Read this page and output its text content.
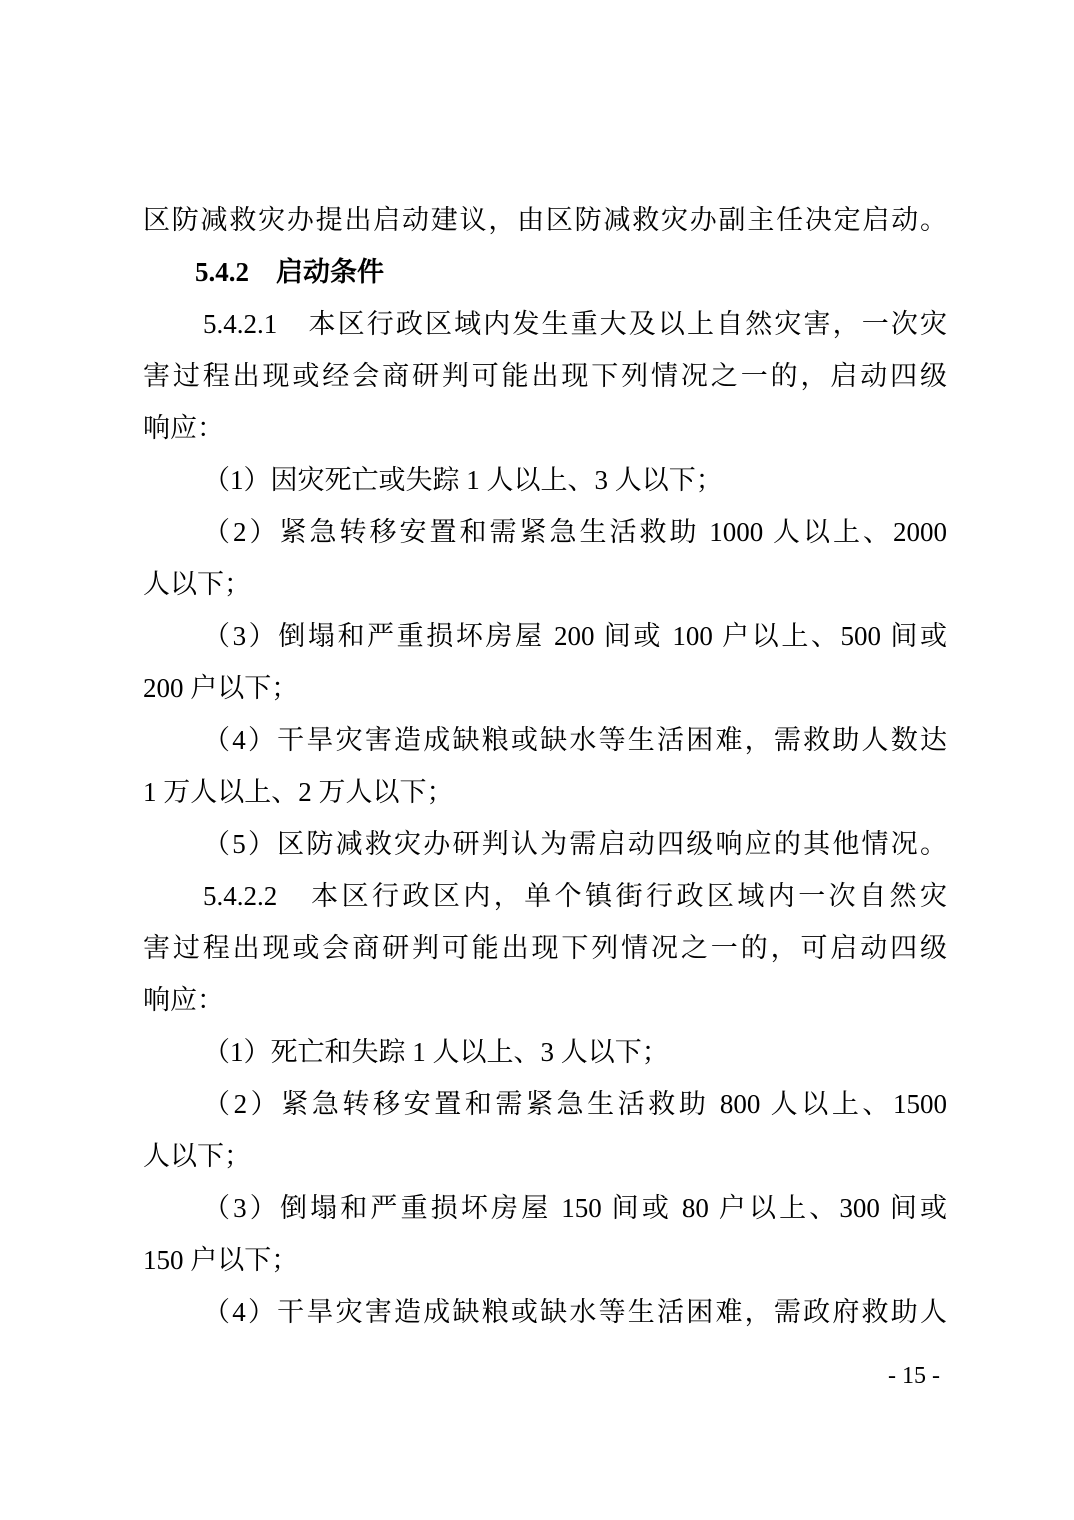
区防减救灾办提出启动建议，由区防减救灾办副主任决定启动。
5.4.2　启动条件
5.4.2.1　本区行政区域内发生重大及以上自然灾害，一次灾
害过程出现或经会商研判可能出现下列情况之一的，启动四级
响应：
（1）因灾死亡或失踪 1 人以上、3 人以下；
（2）紧急转移安置和需紧急生活救助 1000 人以上、2000
人以下；
（3）倒塌和严重损坏房屋 200 间或 100 户以上、500 间或
200 户以下；
（4）干旱灾害造成缺粮或缺水等生活困难，需救助人数达
1 万人以上、2 万人以下；
（5）区防减救灾办研判认为需启动四级响应的其他情况。
5.4.2.2　本区行政区内，单个镇街行政区域内一次自然灾
害过程出现或会商研判可能出现下列情况之一的，可启动四级
响应：
（1）死亡和失踪 1 人以上、3 人以下；
（2）紧急转移安置和需紧急生活救助 800 人以上、1500
人以下；
（3）倒塌和严重损坏房屋 150 间或 80 户以上、300 间或
150 户以下；
（4）干旱灾害造成缺粮或缺水等生活困难，需政府救助人
- 15 -
